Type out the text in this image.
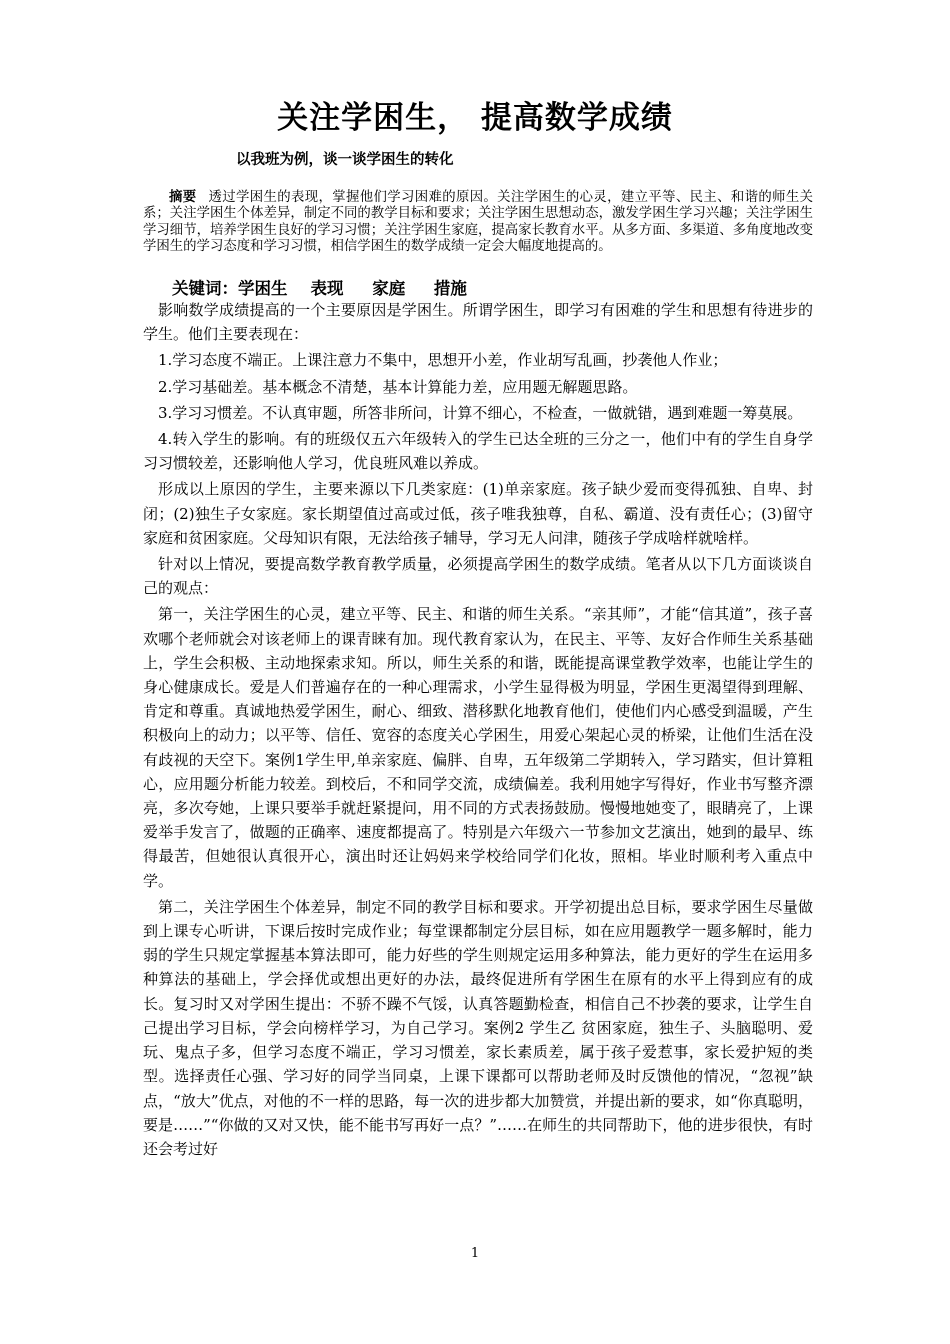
关注学困生， 提高数学成绩
以我班为例，谈一谈学困生的转化

摘要 透过学困生的表现，掌握他们学习困难的原因。关注学困生的心灵，建立平等、民主、和谐的师生关系；关注学困生个体差异，制定不同的教学目标和要求；关注学困生思想动态，激发学困生学习兴趣；关注学困生学习细节，培养学困生良好的学习习惯；关注学困生家庭，提高家长教育水平。从多方面、多渠道、多角度地改变学困生的学习态度和学习习惯，相信学困生的数学成绩一定会大幅度地提高的。

关键词：学困生    表现     家庭     措施

影响数学成绩提高的一个主要原因是学困生。所谓学困生，即学习有困难的学生和思想有待进步的学生。他们主要表现在：

1.学习态度不端正。上课注意力不集中，思想开小差，作业胡写乱画，抄袭他人作业；

2.学习基础差。基本概念不清楚，基本计算能力差，应用题无解题思路。

3.学习习惯差。不认真审题，所答非所问，计算不细心，不检查，一做就错，遇到难题一筹莫展。

4.转入学生的影响。有的班级仅五六年级转入的学生已达全班的三分之一，他们中有的学生自身学习习惯较差，还影响他人学习，优良班风难以养成。

形成以上原因的学生，主要来源以下几类家庭：(1)单亲家庭。孩子缺少爱而变得孤独、自卑、封闭；(2)独生子女家庭。家长期望值过高或过低，孩子唯我独尊，自私、霸道、没有责任心；(3)留守家庭和贫困家庭。父母知识有限，无法给孩子辅导，学习无人问津，随孩子学成啥样就啥样。

针对以上情况，要提高数学教育教学质量，必须提高学困生的数学成绩。笔者从以下几方面谈谈自己的观点：

第一，关注学困生的心灵，建立平等、民主、和谐的师生关系。“亲其师”，才能“信其道”，孩子喜欢哪个老师就会对该老师上的课青睐有加。现代教育家认为，在民主、平等、友好合作师生关系基础上，学生会积极、主动地探索求知。所以，师生关系的和谐，既能提高课堂教学效率，也能让学生的身心健康成长。爱是人们普遍存在的一种心理需求，小学生显得极为明显，学困生更渴望得到理解、肯定和尊重。真诚地热爱学困生，耐心、细致、潜移默化地教育他们，使他们内心感受到温暖，产生积极向上的动力；以平等、信任、宽容的态度关心学困生，用爱心架起心灵的桥梁，让他们生活在没有歧视的天空下。案例1学生甲,单亲家庭、偏胖、自卑，五年级第二学期转入，学习踏实，但计算粗心，应用题分析能力较差。到校后，不和同学交流，成绩偏差。我利用她字写得好，作业书写整齐漂亮，多次夸她，上课只要举手就赶紧提问，用不同的方式表扬鼓励。慢慢地她变了，眼睛亮了，上课爱举手发言了，做题的正确率、速度都提高了。特别是六年级六一节参加文艺演出，她到的最早、练得最苦，但她很认真很开心，演出时还让妈妈来学校给同学们化妆，照相。毕业时顺利考入重点中学。

第二，关注学困生个体差异，制定不同的教学目标和要求。开学初提出总目标，要求学困生尽量做到上课专心听讲，下课后按时完成作业；每堂课都制定分层目标，如在应用题教学一题多解时，能力弱的学生只规定掌握基本算法即可，能力好些的学生则规定运用多种算法，能力更好的学生在运用多种算法的基础上，学会择优或想出更好的办法，最终促进所有学困生在原有的水平上得到应有的成长。复习时又对学困生提出：不骄不躁不气馁，认真答题勤检查，相信自己不抄袭的要求，让学生自己提出学习目标，学会向榜样学习，为自己学习。案例2 学生乙 贫困家庭，独生子、头脑聪明、爱玩、鬼点子多，但学习态度不端正，学习习惯差，家长素质差，属于孩子爱惹事，家长爱护短的类型。选择责任心强、学习好的同学当同桌，上课下课都可以帮助老师及时反馈他的情况，“忽视”缺点，“放大”优点，对他的不一样的思路，每一次的进步都大加赞赏，并提出新的要求，如“你真聪明，要是……”“你做的又对又快，能不能书写再好一点？”……在师生的共同帮助下，他的进步很快，有时还会考过好

1
